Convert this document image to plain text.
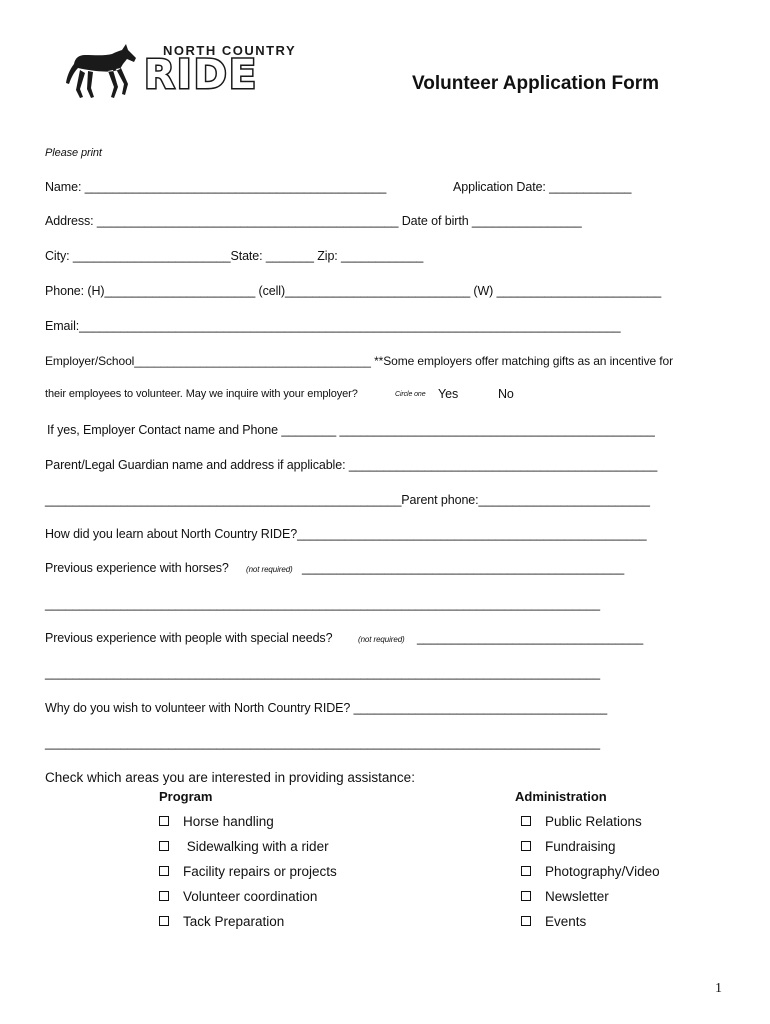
NORTH COUNTRY
RIDE	Volunteer Application Form
Please print
Name: ____________________________________________	Application Date: ____________
Address: ____________________________________________ Date of birth ________________
City: _______________________State: _______ Zip: ____________
Phone: (H)______________________ (cell)___________________________ (W) ________________________
Email:_______________________________________________________________________________
Employer/School____________________________________ **Some employers offer matching gifts as an incentive for
their employees to volunteer. May we inquire with your employer?	Circle one Yes	No
If yes, Employer Contact name and Phone ________ ______________________________________________
Parent/Legal Guardian name and address if applicable: _____________________________________________
____________________________________________________Parent phone:_________________________
How did you learn about North Country RIDE?___________________________________________________
Previous experience with horses? (not required) _______________________________________________
_________________________________________________________________________________
Previous experience with people with special needs?	(not required) _________________________________
_________________________________________________________________________________
Why do you wish to volunteer with North Country RIDE? _____________________________________
_________________________________________________________________________________
Check which areas you are interested in providing assistance:
Program	Administration
Horse handling
Sidewalking with a rider
Facility repairs or projects
Volunteer coordination
Tack Preparation
Public Relations
Fundraising
Photography/Video
Newsletter
Events
1
